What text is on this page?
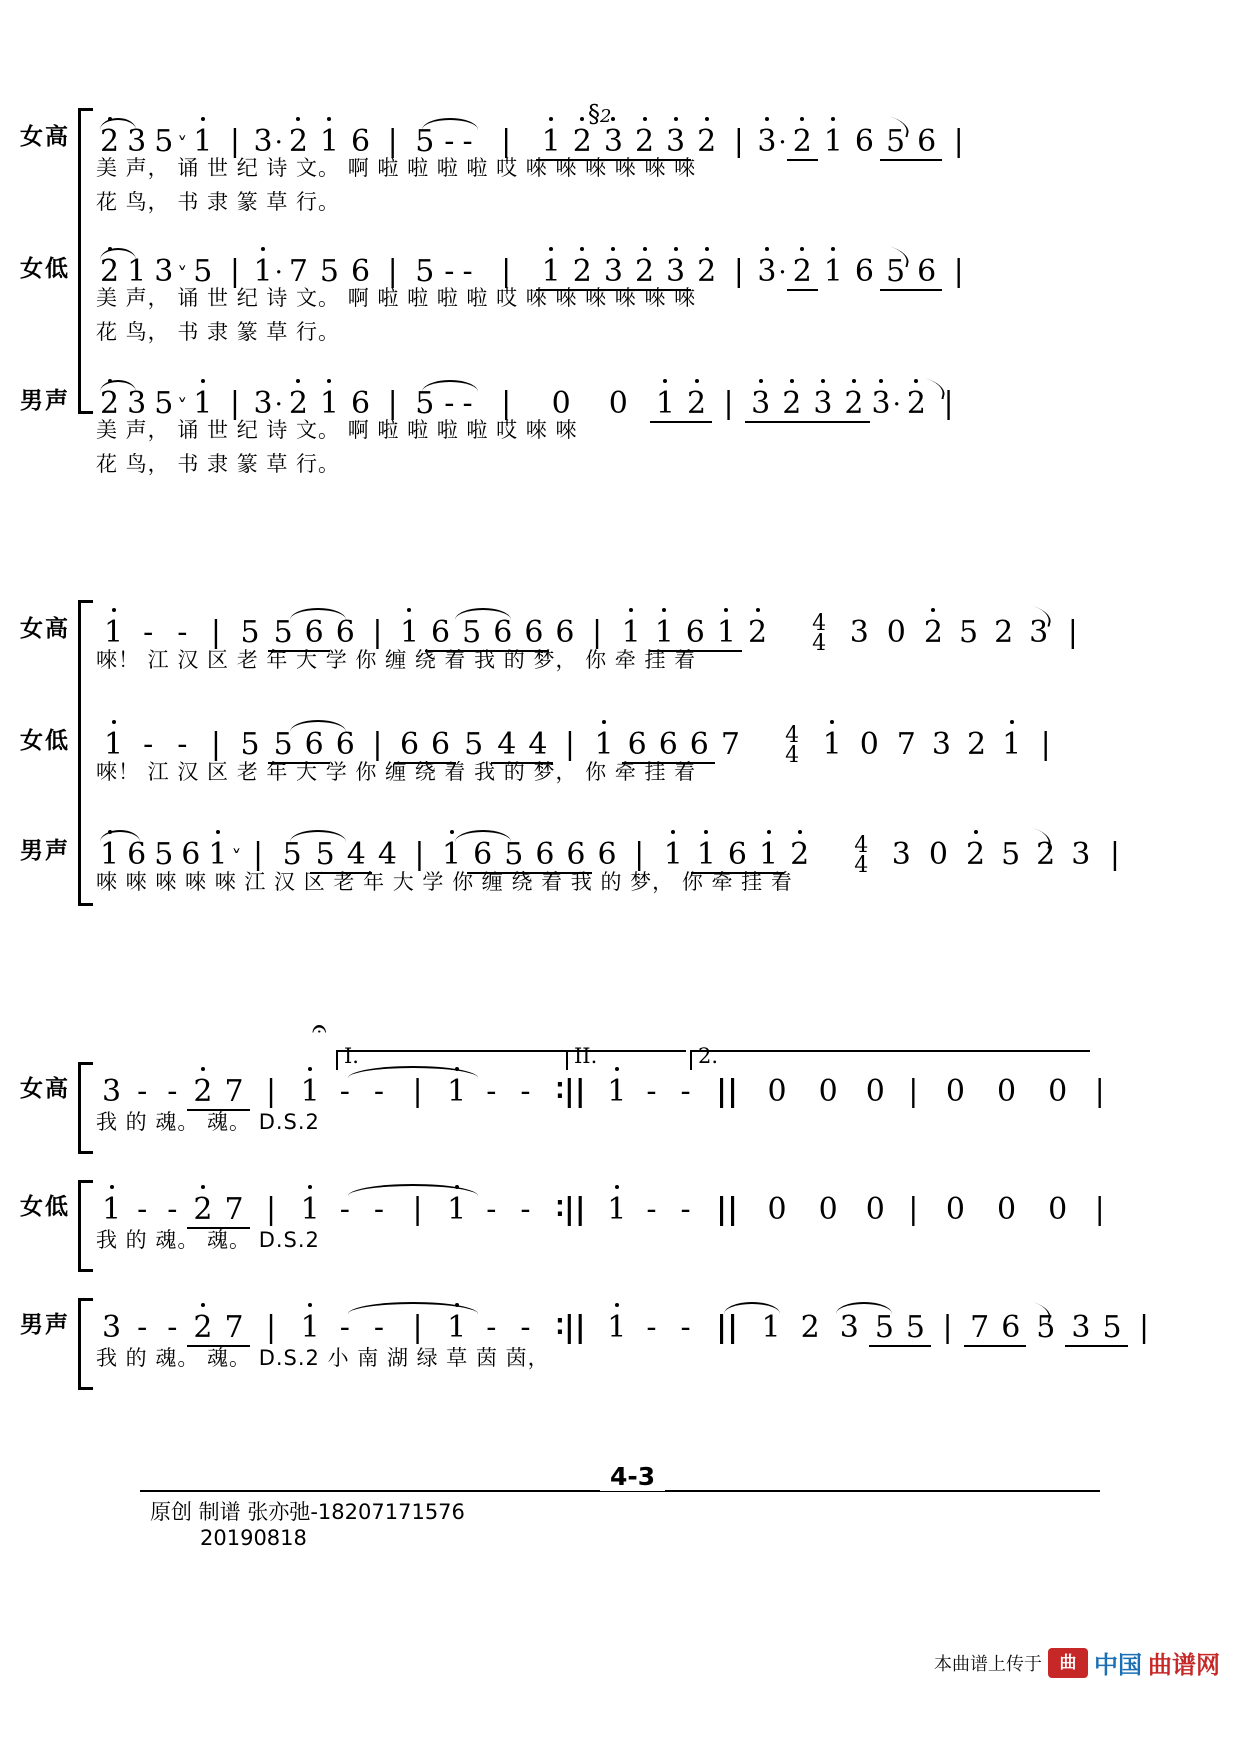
§2
女高 2 3 5 ˅ 1 | 3· 2 1 6 | 5 - - | 1 2 3 2 3 2 | 3· 2 1 6 5 6 |
美 声， 诵 世 纪 诗 文。 啊 啦 啦 啦 啦 哎 唻 唻 唻 唻 唻 唻
花 鸟， 书 隶 篆 草 行。
女低 2 1 3 ˅ 5 | 1· 7 5 6 | 5 - - | 1 2 3 2 3 2 | 3· 2 1 6 5 6 |
美 声， 诵 世 纪 诗 文。 啊 啦 啦 啦 啦 哎 唻 唻 唻 唻 唻 唻
花 鸟， 书 隶 篆 草 行。
男声 2 3 5 ˅ 1 | 3· 2 1 6 | 5 - - | 0 0 1 2 | 3 2 3 2 3· 2 |
美 声， 诵 世 纪 诗 文。 啊 啦 啦 啦 啦 哎 唻 唻
花 鸟， 书 隶 篆 草 行。
女高 1 - - | 5 5 6 6 | 1 6 5 6 6 6 | 1 1 6 1 2 4
4 3 0 2 5 2 3 |
唻！ 江 汉 区 老 年 大 学 你 缠 绕 着 我 的 梦， 你 牵 挂 着
女低 1 - - | 5 5 6 6 | 6 6 5 4 4 | 1 6 6 6 7 4
4 1 0 7 3 2 1 |
唻！ 江 汉 区 老 年 大 学 你 缠 绕 着 我 的 梦， 你 牵 挂 着
男声 1 6 5 6 1 ˅ | 5 5 4 4 | 1 6 5 6 6 6 | 1 1 6 1 2 4
4 3 0 2 5 2 3 |
唻 唻 唻 唻 唻 江 汉 区 老 年 大 学 你 缠 绕 着 我 的 梦， 你 牵 挂 着
𝄐
I.	II.	2.
女高 3 - - 2 7 | 1 - - | 1 - - ∶|| 1 - - || 0 0 0 | 0 0 0 |
我 的 魂。 魂。 D.S.2
女低 1 - - 2 7 | 1 - - | 1 - - ∶|| 1 - - || 0 0 0 | 0 0 0 |
我 的 魂。 魂。 D.S.2
男声 3 - - 2 7 | 1 - - | 1 - - ∶|| 1 - - || 1 2 3 5 5 | 7 6 5 3 5 |
我 的 魂。 魂。 D.S.2 小 南 湖 绿 草 茵 茵，
4-3
原创 制谱 张亦弛-18207171576
20190818
本曲谱上传于	曲 中国 曲谱网
